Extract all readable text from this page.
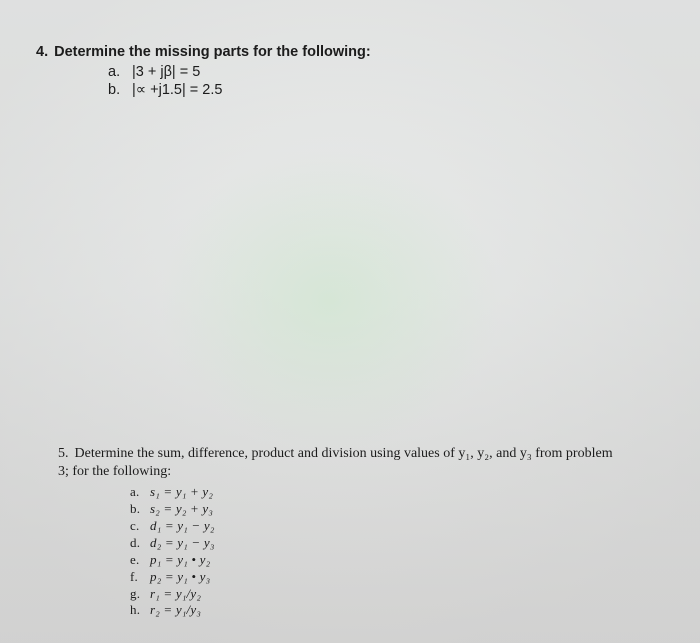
4. Determine the missing parts for the following:
a. |3 + jβ| = 5
b. |∝ +j1.5| = 2.5
5. Determine the sum, difference, product and division using values of y₁, y₂, and y₃ from problem 3; for the following:
a. s₁ = y₁ + y₂
b. s₂ = y₂ + y₃
c. d₁ = y₁ − y₂
d. d₂ = y₁ − y₃
e. p₁ = y₁ • y₂
f. p₂ = y₁ • y₃
g. r₁ = y₁/y₂
h. r₂ = y₁/y₃
